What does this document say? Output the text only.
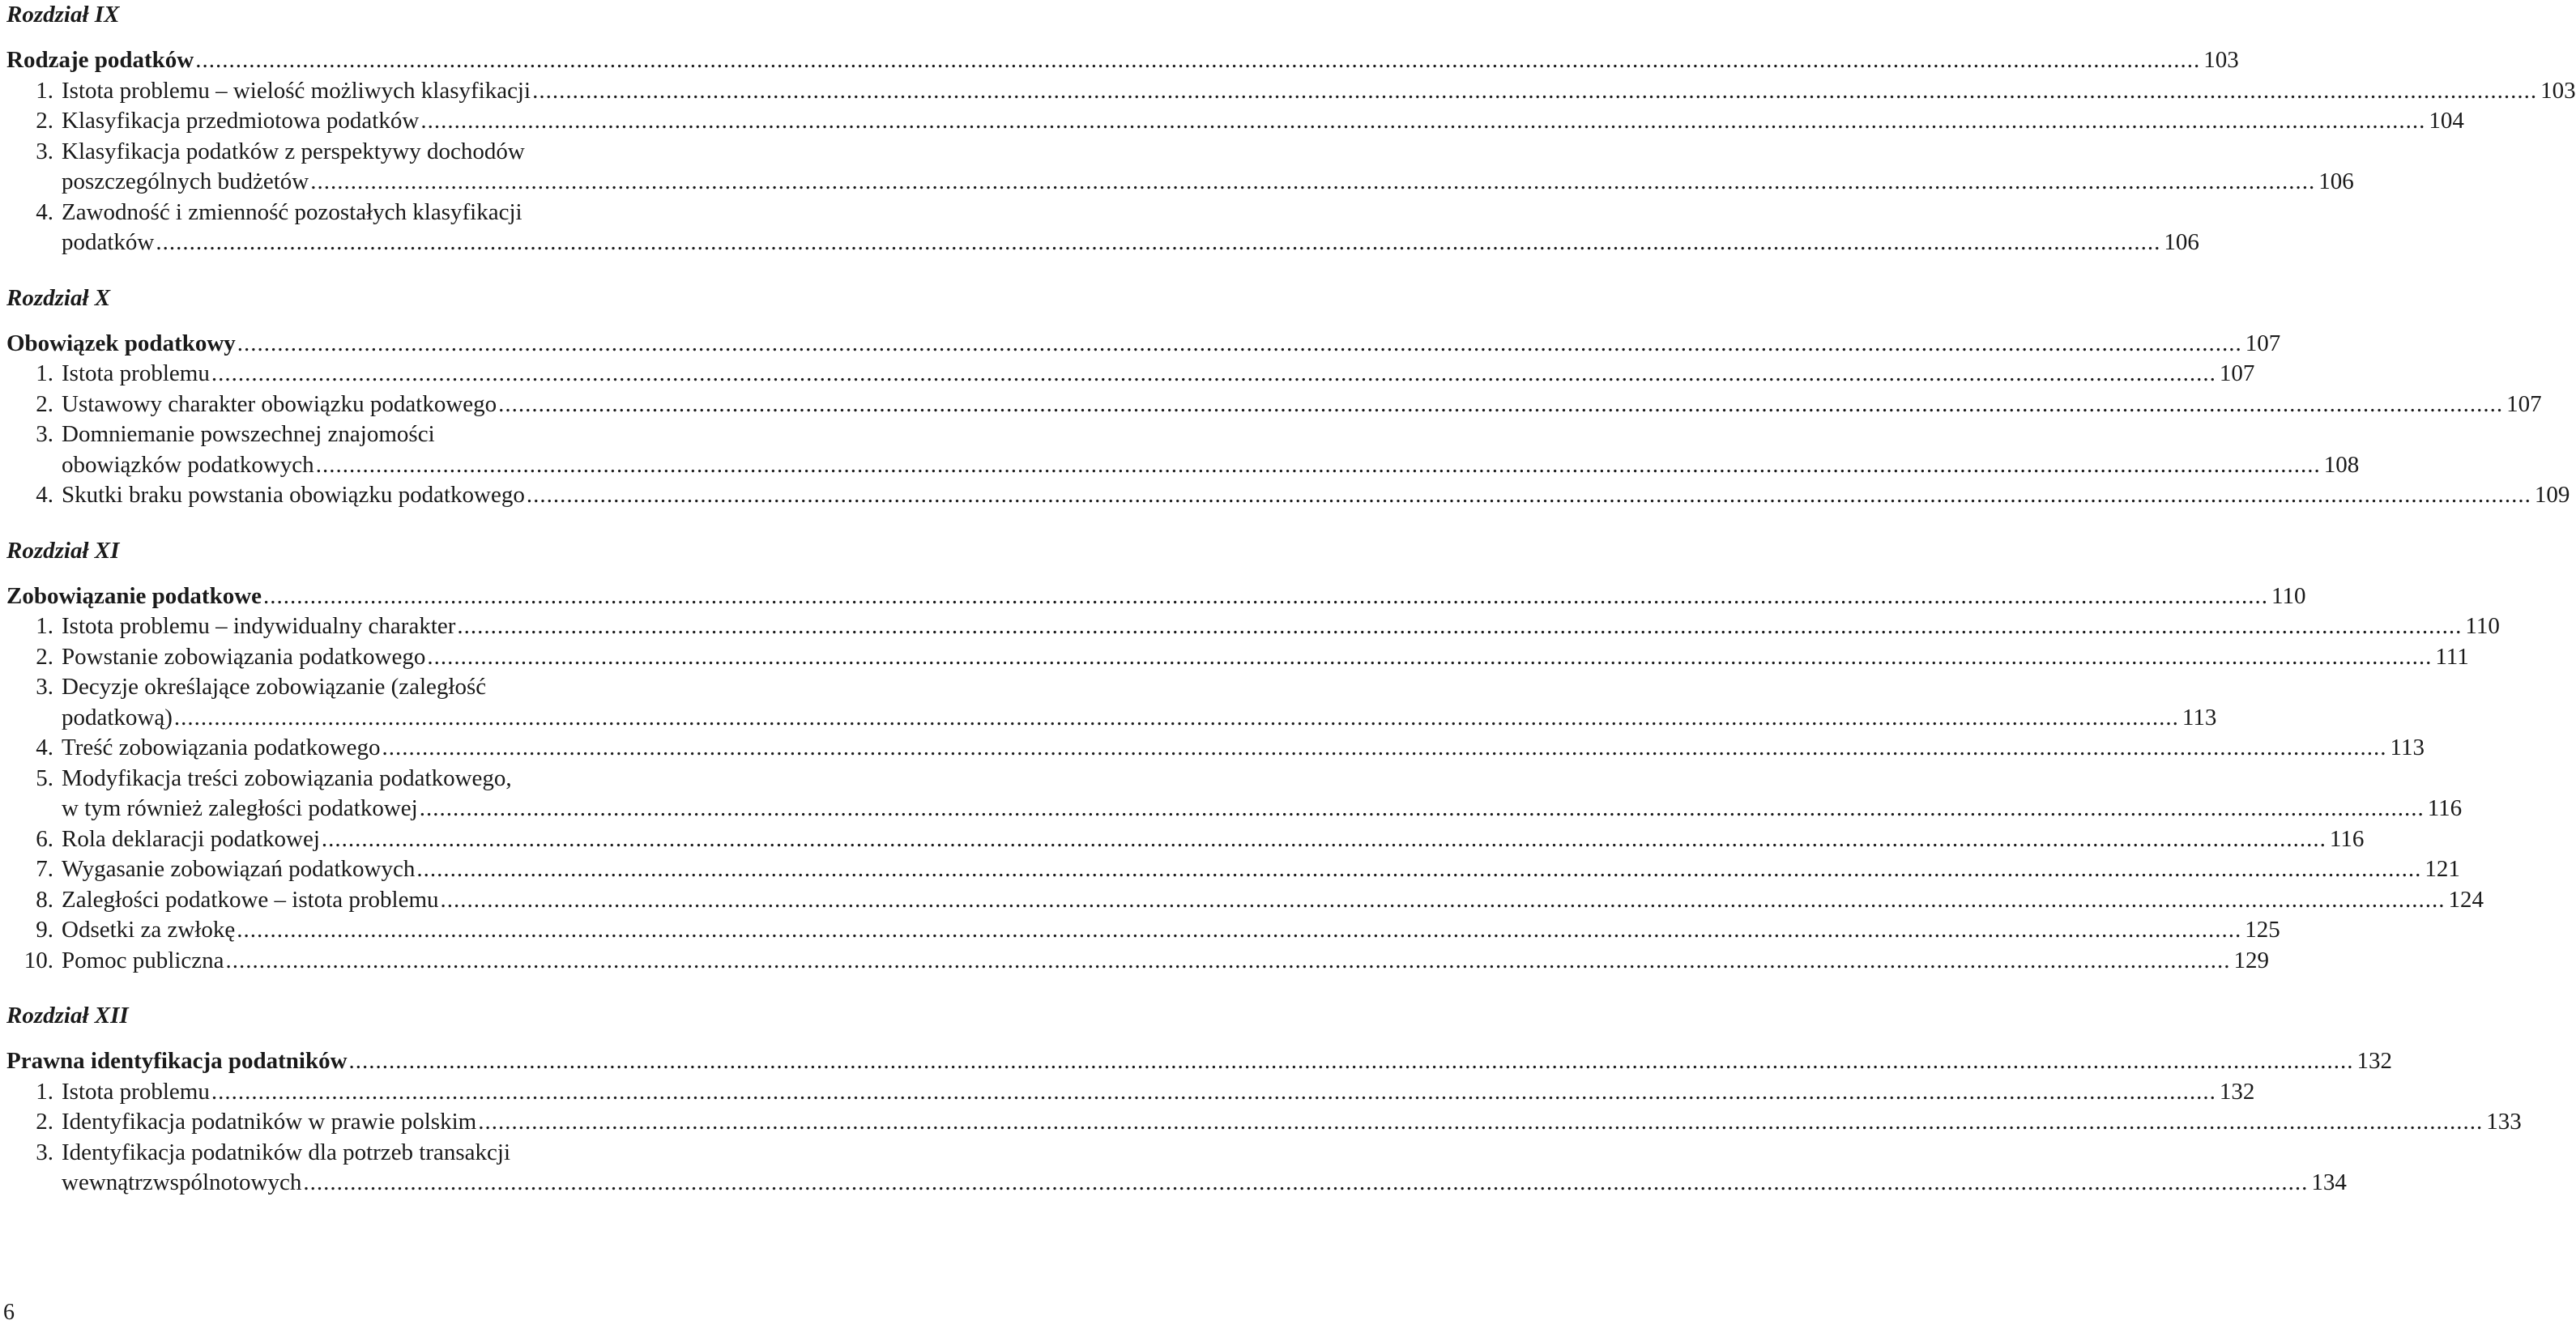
Rozdział IX
Rodzaje podatków ............................................................................................................................................................................................................................................................................................................ 103
1. Istota problemu – wielość możliwych klasyfikacji ............................................................................................................................................................................................................................................................................................................ 103
2. Klasyfikacja przedmiotowa podatków ............................................................................................................................................................................................................................................................................................................ 104
3. Klasyfikacja podatków z perspektywy dochodów
poszczególnych budżetów ............................................................................................................................................................................................................................................................................................................ 106
4. Zawodność i zmienność pozostałych klasyfikacji
podatków ............................................................................................................................................................................................................................................................................................................ 106
Rozdział X
Obowiązek podatkowy ............................................................................................................................................................................................................................................................................................................ 107
1. Istota problemu ............................................................................................................................................................................................................................................................................................................ 107
2. Ustawowy charakter obowiązku podatkowego ............................................................................................................................................................................................................................................................................................................ 107
3. Domniemanie powszechnej znajomości
obowiązków podatkowych ............................................................................................................................................................................................................................................................................................................ 108
4. Skutki braku powstania obowiązku podatkowego ............................................................................................................................................................................................................................................................................................................ 109
Rozdział XI
Zobowiązanie podatkowe ............................................................................................................................................................................................................................................................................................................ 110
1. Istota problemu – indywidualny charakter ............................................................................................................................................................................................................................................................................................................ 110
2. Powstanie zobowiązania podatkowego ............................................................................................................................................................................................................................................................................................................ 111
3. Decyzje określające zobowiązanie (zaległość
podatkową) ............................................................................................................................................................................................................................................................................................................ 113
4. Treść zobowiązania podatkowego ............................................................................................................................................................................................................................................................................................................ 113
5. Modyfikacja treści zobowiązania podatkowego,
w tym również zaległości podatkowej ............................................................................................................................................................................................................................................................................................................ 116
6. Rola deklaracji podatkowej ............................................................................................................................................................................................................................................................................................................ 116
7. Wygasanie zobowiązań podatkowych ............................................................................................................................................................................................................................................................................................................ 121
8. Zaległości podatkowe – istota problemu ............................................................................................................................................................................................................................................................................................................ 124
9. Odsetki za zwłokę ............................................................................................................................................................................................................................................................................................................ 125
10. Pomoc publiczna ............................................................................................................................................................................................................................................................................................................ 129
Rozdział XII
Prawna identyfikacja podatników ............................................................................................................................................................................................................................................................................................................ 132
1. Istota problemu ............................................................................................................................................................................................................................................................................................................ 132
2. Identyfikacja podatników w prawie polskim ............................................................................................................................................................................................................................................................................................................ 133
3. Identyfikacja podatników dla potrzeb transakcji
wewnątrzwspólnotowych ............................................................................................................................................................................................................................................................................................................ 134
6
